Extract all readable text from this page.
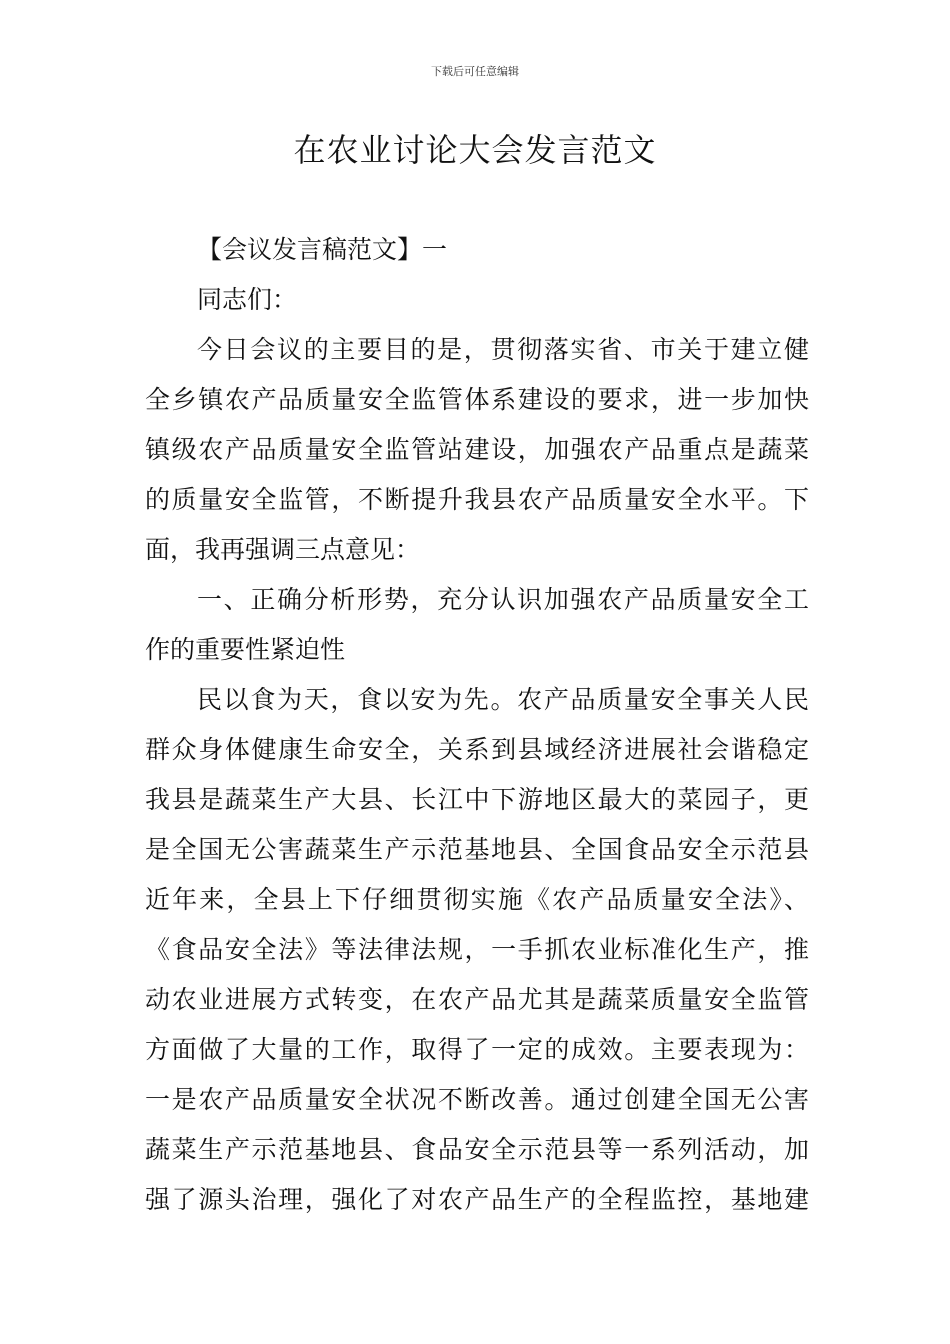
下载后可任意编辑
在农业讨论大会发言范文
【会议发言稿范文】一
同志们：
今日会议的主要目的是，贯彻落实省、市关于建立健
全乡镇农产品质量安全监管体系建设的要求，进一步加快
镇级农产品质量安全监管站建设，加强农产品重点是蔬菜
的质量安全监管，不断提升我县农产品质量安全水平。下
面，我再强调三点意见：
一、正确分析形势，充分认识加强农产品质量安全工
作的重要性紧迫性
民以食为天，食以安为先。农产品质量安全事关人民
群众身体健康生命安全，关系到县域经济进展社会谐稳定
我县是蔬菜生产大县、长江中下游地区最大的菜园子，更
是全国无公害蔬菜生产示范基地县、全国食品安全示范县
近年来，全县上下仔细贯彻实施《农产品质量安全法》、
《食品安全法》等法律法规，一手抓农业标准化生产，推
动农业进展方式转变，在农产品尤其是蔬菜质量安全监管
方面做了大量的工作，取得了一定的成效。主要表现为：
一是农产品质量安全状况不断改善。通过创建全国无公害
蔬菜生产示范基地县、食品安全示范县等一系列活动，加
强了源头治理，强化了对农产品生产的全程监控，基地建
